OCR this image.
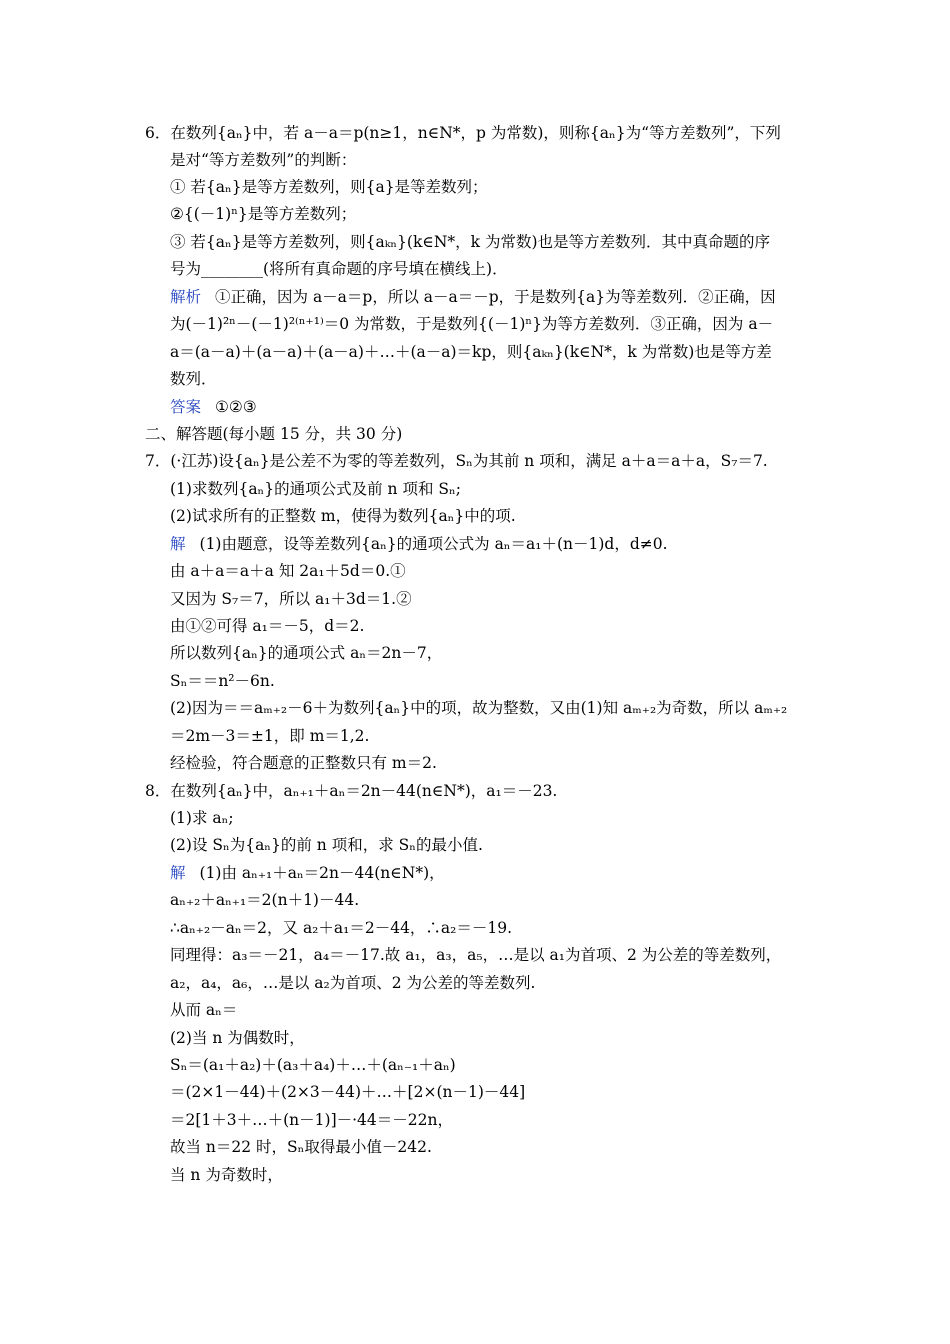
6．在数列{aₙ}中，若 a－a＝p(n≥1，n∈N*，p 为常数)，则称{aₙ}为“等方差数列”，下列
是对“等方差数列”的判断：
① 若{aₙ}是等方差数列，则{a}是等差数列；
②{(－1)ⁿ}是等方差数列；
③ 若{aₙ}是等方差数列，则{aₖₙ}(k∈N*，k 为常数)也是等方差数列．其中真命题的序
号为________(将所有真命题的序号填在横线上)．
解析 ①正确，因为 a－a＝p，所以 a－a＝－p，于是数列{a}为等差数列．②正确，因
为(－1)²ⁿ－(－1)²⁽ⁿ⁺¹⁾＝0 为常数，于是数列{(－1)ⁿ}为等方差数列．③正确，因为 a－
a＝(a－a)＋(a－a)＋(a－a)＋…＋(a－a)＝kp，则{aₖₙ}(k∈N*，k 为常数)也是等方差
数列．
答案 ①②③
二、解答题(每小题 15 分，共 30 分)
7．(·江苏)设{aₙ}是公差不为零的等差数列，Sₙ为其前 n 项和，满足 a＋a＝a＋a，S₇＝7.
(1)求数列{aₙ}的通项公式及前 n 项和 Sₙ;
(2)试求所有的正整数 m，使得为数列{aₙ}中的项.
解 (1)由题意，设等差数列{aₙ}的通项公式为 aₙ＝a₁＋(n－1)d，d≠0.
由 a＋a＝a＋a 知 2a₁＋5d＝0.①
又因为 S₇＝7，所以 a₁＋3d＝1.②
由①②可得 a₁＝－5，d＝2.
所以数列{aₙ}的通项公式 aₙ＝2n－7，
Sₙ＝＝n²－6n.
(2)因为＝＝aₘ₊₂－6＋为数列{aₙ}中的项，故为整数，又由(1)知 aₘ₊₂为奇数，所以 aₘ₊₂
＝2m－3＝±1，即 m＝1,2.
经检验，符合题意的正整数只有 m＝2.
8．在数列{aₙ}中，aₙ₊₁＋aₙ＝2n－44(n∈N*)，a₁＝－23.
(1)求 aₙ;
(2)设 Sₙ为{aₙ}的前 n 项和，求 Sₙ的最小值.
解 (1)由 aₙ₊₁＋aₙ＝2n－44(n∈N*)，
aₙ₊₂＋aₙ₊₁＝2(n＋1)－44.
∴aₙ₊₂－aₙ＝2，又 a₂＋a₁＝2－44，∴a₂＝－19.
同理得：a₃＝－21，a₄＝－17.故 a₁，a₃，a₅，…是以 a₁为首项、2 为公差的等差数列，
a₂，a₄，a₆，…是以 a₂为首项、2 为公差的等差数列.
从而 aₙ＝
(2)当 n 为偶数时，
Sₙ＝(a₁＋a₂)＋(a₃＋a₄)＋…＋(aₙ₋₁＋aₙ)
＝(2×1－44)＋(2×3－44)＋…＋[2×(n－1)－44]
＝2[1＋3＋…＋(n－1)]－·44＝－22n，
故当 n＝22 时，Sₙ取得最小值－242.
当 n 为奇数时，
